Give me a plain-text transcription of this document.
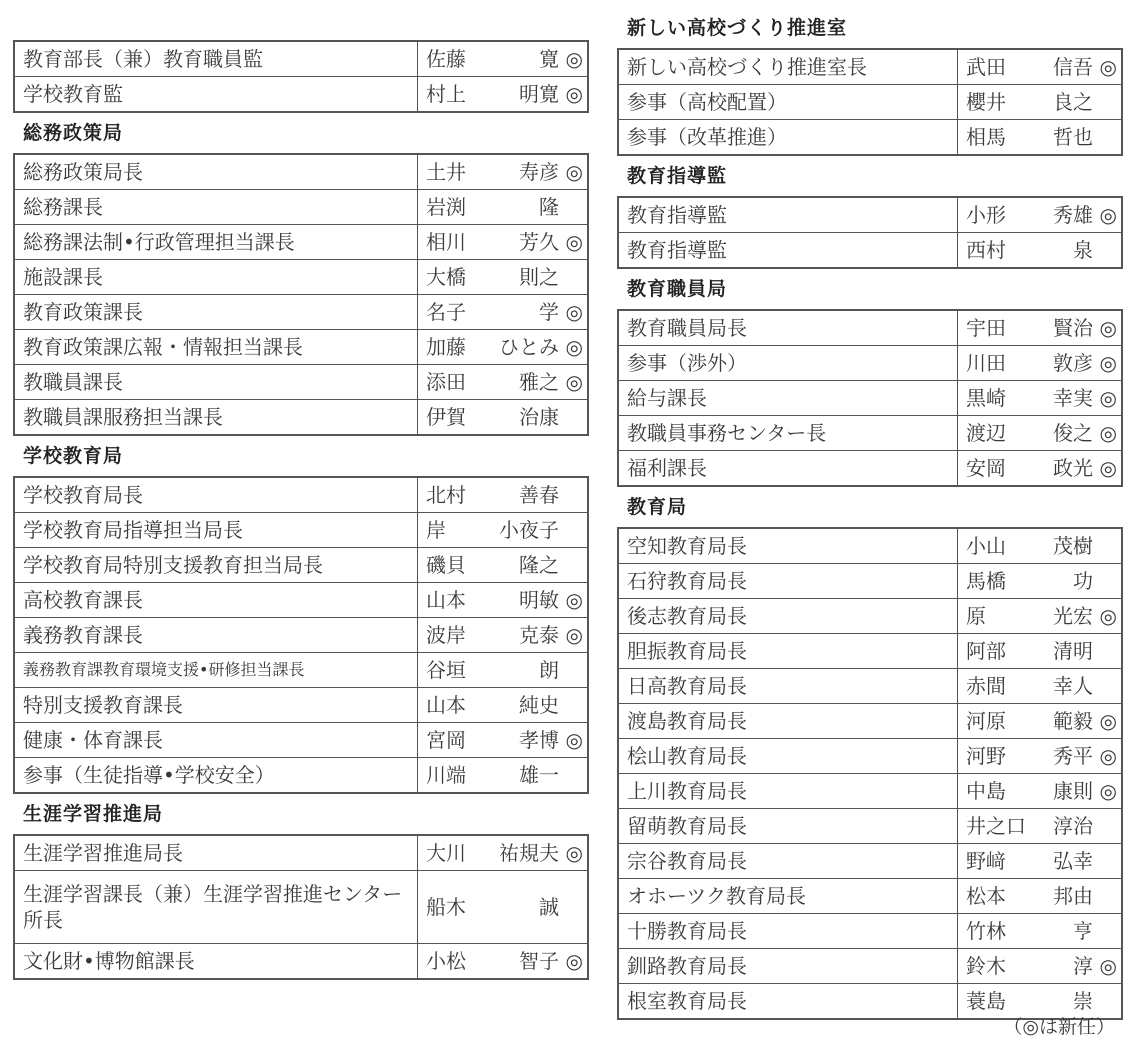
教育部長（兼）教育職員監	佐藤 寛 ◎

学校教育監	村上 明寛 ◎
総務政策局
総務政策局長	土井 寿彦 ◎

総務課長	岩渕 隆

総務課法制•行政管理担当課長	相川 芳久 ◎

施設課長	大橋 則之

教育政策課長	名子 学 ◎

教育政策課広報・情報担当課長	加藤 ひとみ ◎

教職員課長	添田 雅之 ◎

教職員課服務担当課長	伊賀 治康
学校教育局
学校教育局長	北村 善春

学校教育局指導担当局長	岸 小夜子

学校教育局特別支援教育担当局長	磯貝 隆之

高校教育課長	山本 明敏 ◎

義務教育課長	波岸 克泰 ◎

義務教育課教育環境支援•研修担当課長	谷垣 朗

特別支援教育課長	山本 純史

健康・体育課長	宮岡 孝博 ◎

参事（生徒指導•学校安全）	川端 雄一
生涯学習推進局
生涯学習推進局長	大川 祐規夫 ◎

生涯学習課長（兼）生涯学習推進センター所長	船木 誠

文化財•博物館課長	小松 智子 ◎
新しい高校づくり推進室
新しい高校づくり推進室長	武田 信吾 ◎

参事（高校配置）	櫻井 良之

参事（改革推進）	相馬 哲也
教育指導監
教育指導監	小形 秀雄 ◎

教育指導監	西村 泉
教育職員局
教育職員局長	宇田 賢治 ◎

参事（渉外）	川田 敦彦 ◎

給与課長	黒崎 幸実 ◎

教職員事務センター長	渡辺 俊之 ◎

福利課長	安岡 政光 ◎
教育局
空知教育局長	小山 茂樹

石狩教育局長	馬橋 功

後志教育局長	原 光宏 ◎

胆振教育局長	阿部 清明

日高教育局長	赤間 幸人

渡島教育局長	河原 範毅 ◎

桧山教育局長	河野 秀平 ◎

上川教育局長	中島 康則 ◎

留萌教育局長	井之口 淳治

宗谷教育局長	野﨑 弘幸

オホーツク教育局長	松本 邦由

十勝教育局長	竹林 亨

釧路教育局長	鈴木 淳 ◎

根室教育局長	蓑島 崇
（◎は新任）
